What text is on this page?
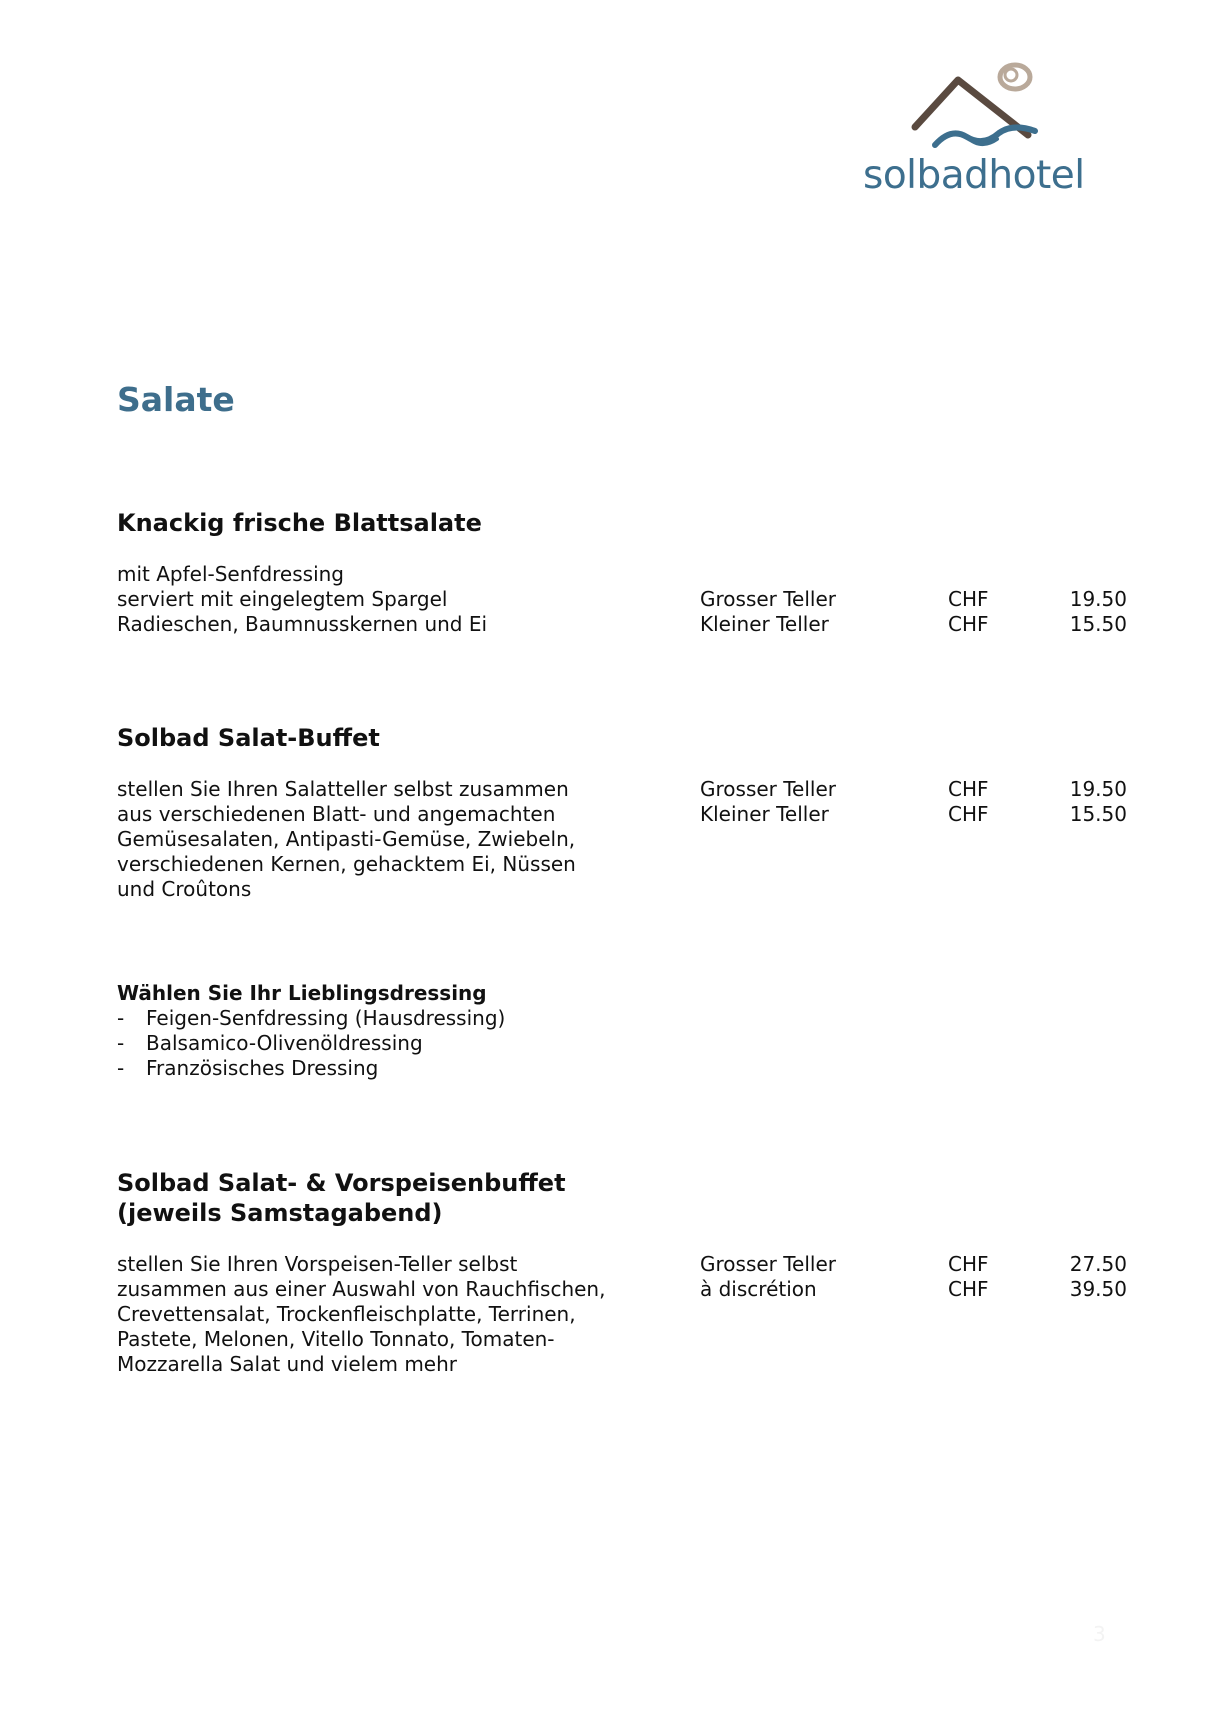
solbadhotel
Salate
Knackig frische Blattsalate
mit Apfel-Senfdressing
serviert mit eingelegtem Spargel	Grosser Teller	CHF	19.50
Radieschen, Baumnusskernen und Ei	Kleiner Teller	CHF	15.50
Solbad Salat-Buffet
stellen Sie Ihren Salatteller selbst zusammen	Grosser Teller	CHF	19.50
aus verschiedenen Blatt- und angemachten	Kleiner Teller	CHF	15.50
Gemüsesalaten, Antipasti-Gemüse, Zwiebeln,
verschiedenen Kernen, gehacktem Ei, Nüssen
und Croûtons
Wählen Sie Ihr Lieblingsdressing
- Feigen-Senfdressing (Hausdressing)
- Balsamico-Olivenöldressing
- Französisches Dressing
Solbad Salat- & Vorspeisenbuffet
(jeweils Samstagabend)
stellen Sie Ihren Vorspeisen-Teller selbst	Grosser Teller	CHF	27.50
zusammen aus einer Auswahl von Rauchfischen,	à discrétion	CHF	39.50
Crevettensalat, Trockenfleischplatte, Terrinen,
Pastete, Melonen, Vitello Tonnato, Tomaten-
Mozzarella Salat und vielem mehr
3
